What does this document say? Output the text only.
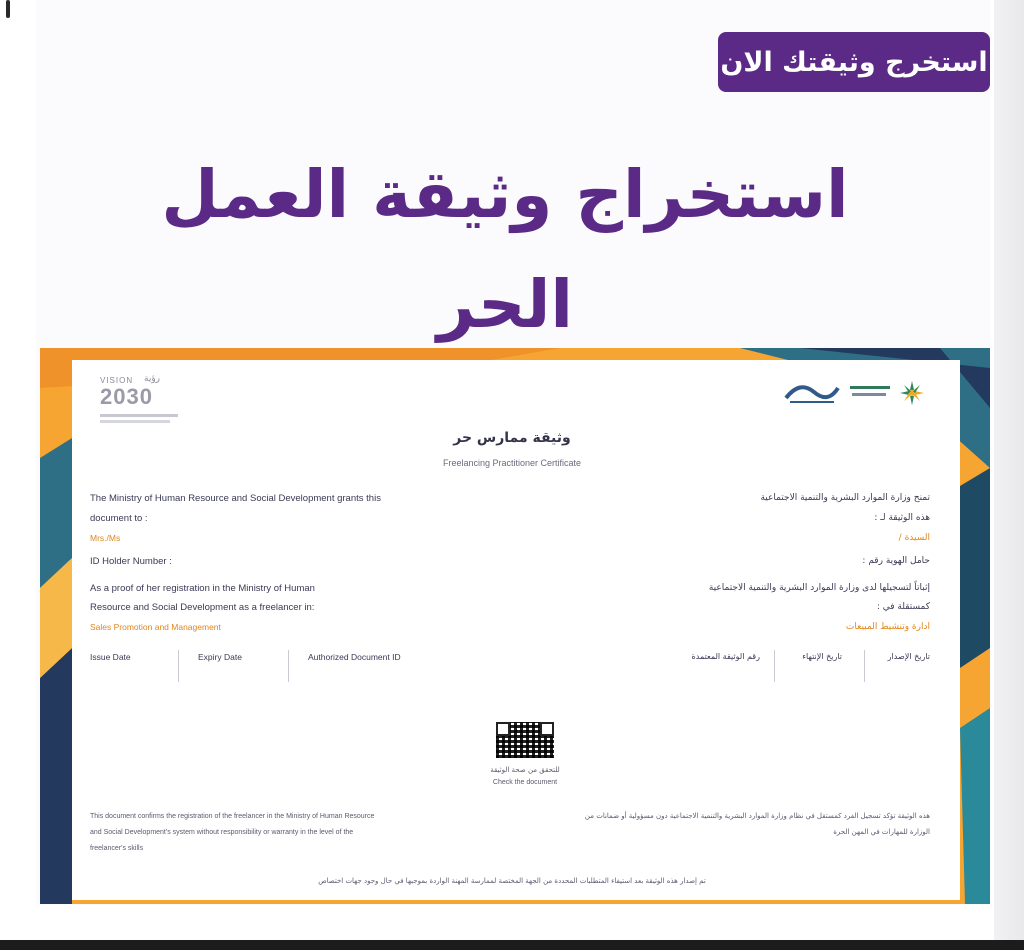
استخرج وثيقتك الان
استخراج وثيقة العمل الحر
VISION رؤية
2030
وثيقة ممارس حر
Freelancing Practitioner Certificate
The Ministry of Human Resource and Social Development grants this
document to :
Mrs./Ms
ID Holder Number :
As a proof of her registration in the Ministry of Human
Resource and Social Development as a freelancer in:
Sales Promotion and Management
Issue Date	Expiry Date	Authorized Document ID
تمنح وزارة الموارد البشرية والتنمية الاجتماعية
هذه الوثيقة لـ :
السيدة /
حامل الهوية رقم :
إثباتاً لتسجيلها لدى وزارة الموارد البشرية والتنمية الاجتماعية
كمستقلة في :
ادارة وتنشيط المبيعات
تاريخ الإصدار
تاريخ الإنتهاء
رقم الوثيقة المعتمدة
للتحقق من صحة الوثيقة
Check the document
This document confirms the registration of the freelancer in the Ministry of Human Resource
and Social Development's system without responsibility or warranty in the level of the
freelancer's skills
هذه الوثيقة تؤكد تسجيل الفرد كمستقل في نظام وزارة الموارد البشرية والتنمية الاجتماعية دون مسؤولية أو ضمانات من
الوزارة للمهارات في المهن الحرة
تم إصدار هذه الوثيقة بعد استيفاء المتطلبات المحددة من الجهة المختصة لممارسة المهنة الواردة بموجبها في حال وجود جهات اختصاص
